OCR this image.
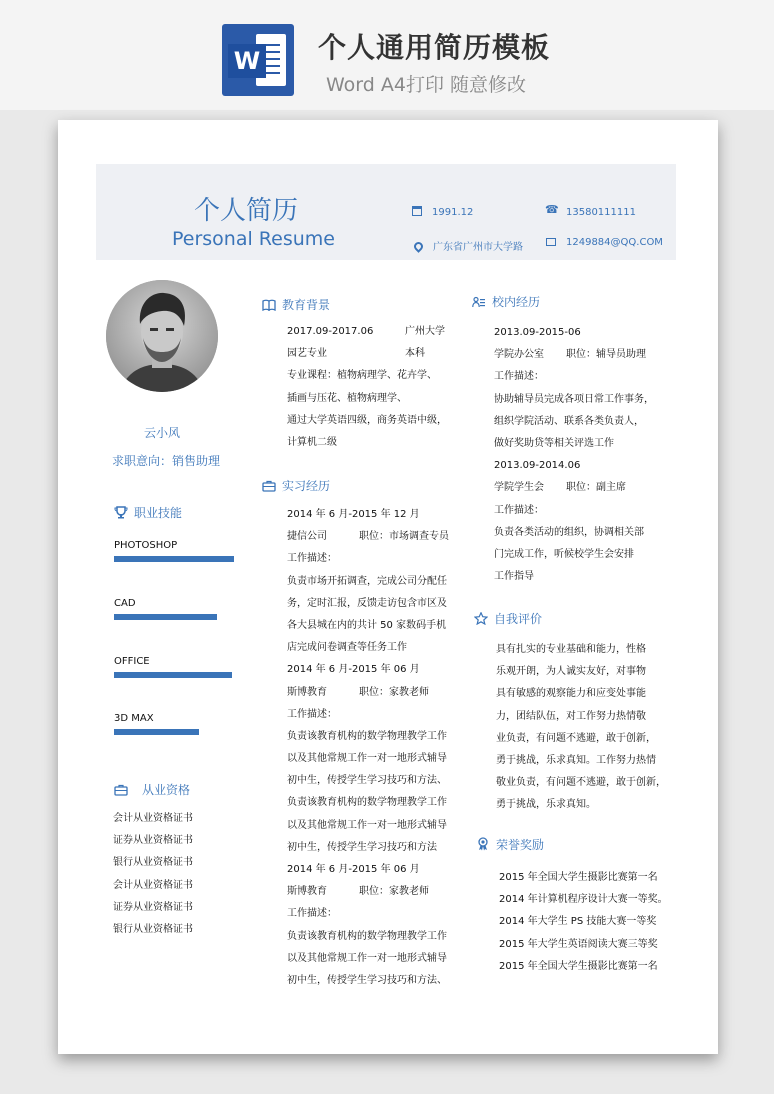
W 个人通用简历模板
Word A4打印 随意修改
个人简历
Personal Resume
1991.12
☎	13580111111
广东省广州市大学路	1249884@QQ.COM
云小风
求职意向：销售助理
职业技能
PHOTOSHOP
CAD
OFFICE
3D MAX
从业资格
会计从业资格证书
证券从业资格证书
银行从业资格证书
会计从业资格证书
证券从业资格证书
银行从业资格证书
教育背景
2017.09-2017.06	广州大学
园艺专业	本科
专业课程：植物病理学、花卉学、
插画与压花、植物病理学、
通过大学英语四级，商务英语中级，
计算机二级
实习经历
2014 年 6 月-2015 年 12 月
捷信公司	职位：市场调查专员
工作描述：
负责市场开拓调查，完成公司分配任
务，定时汇报，反馈走访包含市区及
各大县城在内的共计 50 家数码手机
店完成问卷调查等任务工作
2014 年 6 月-2015 年 06 月
斯博教育	职位：家教老师
工作描述：
负责该教育机构的数学物理教学工作
以及其他常规工作一对一地形式辅导
初中生，传授学生学习技巧和方法、
负责该教育机构的数学物理教学工作
以及其他常规工作一对一地形式辅导
初中生，传授学生学习技巧和方法
2014 年 6 月-2015 年 06 月
斯博教育	职位：家教老师
工作描述：
负责该教育机构的数学物理教学工作
以及其他常规工作一对一地形式辅导
初中生，传授学生学习技巧和方法、
校内经历
2013.09-2015-06
学院办公室 职位：辅导员助理
工作描述：
协助辅导员完成各项日常工作事务，
组织学院活动、联系各类负责人，
做好奖助贷等相关评选工作
2013.09-2014.06
学院学生会 职位：副主席
工作描述：
负责各类活动的组织，协调相关部
门完成工作，听候校学生会安排
工作指导
自我评价
具有扎实的专业基础和能力，性格
乐观开朗，为人诚实友好，对事物
具有敏感的观察能力和应变处事能
力，团结队伍，对工作努力热情敬
业负责，有问题不逃避，敢于创新，
勇于挑战，乐求真知。工作努力热情
敬业负责，有问题不逃避，敢于创新，
勇于挑战，乐求真知。
荣誉奖励
2015 年全国大学生摄影比赛第一名
2014 年计算机程序设计大赛一等奖。
2014 年大学生 PS 技能大赛一等奖
2015 年大学生英语阅读大赛三等奖
2015 年全国大学生摄影比赛第一名
